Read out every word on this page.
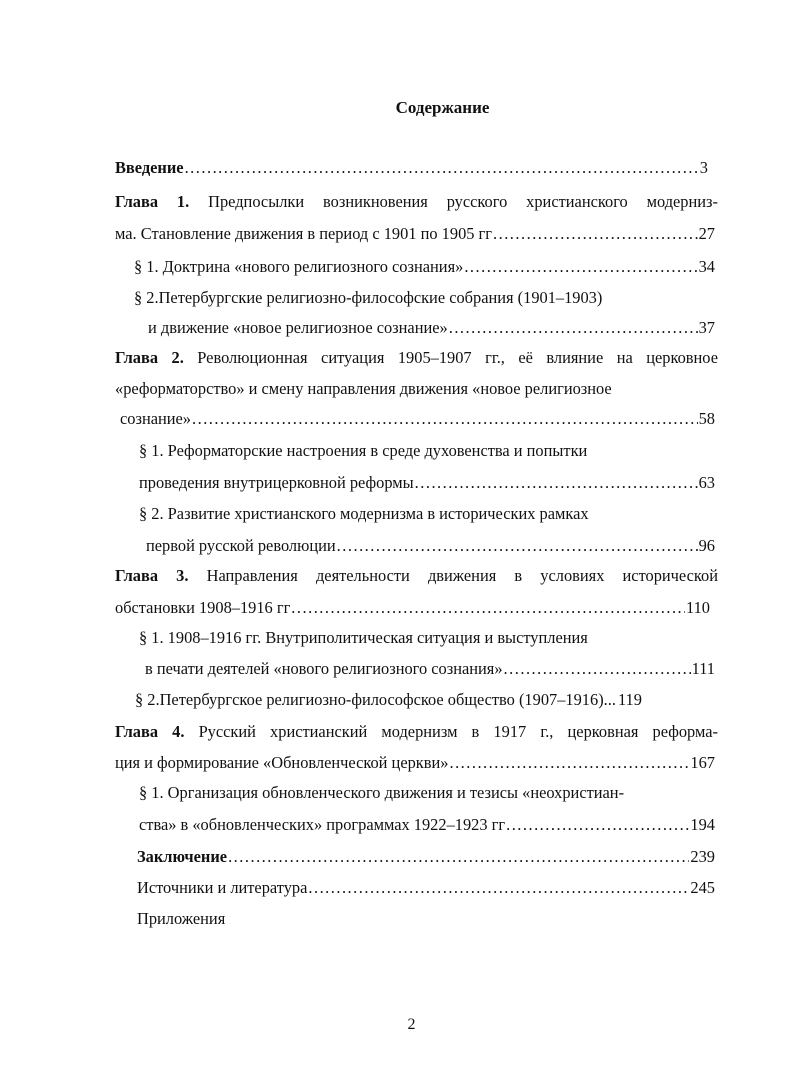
Содержание
Введение .....	3
Глава 1. Предпосылки возникновения русского христианского модерниз-
ма. Становление движения в период с 1901 по 1905 гг .....	27
§ 1. Доктрина «нового религиозного сознания» .....	34
§ 2.Петербургские религиозно-философские собрания (1901–1903)
и движение «новое религиозное сознание» .....	37
Глава 2. Революционная ситуация 1905–1907 гг., её влияние на церковное
«реформаторство» и смену направления движения «новое религиозное
сознание» .....	58
§ 1. Реформаторские настроения в среде духовенства и попытки
проведения внутрицерковной реформы .....	63
§ 2. Развитие христианского модернизма в исторических рамках
первой русской революции .....	96
Глава 3. Направления деятельности движения в условиях исторической
обстановки 1908–1916 гг .....	110
§ 1. 1908–1916 гг. Внутриполитическая ситуация и выступления
в печати деятелей «нового религиозного сознания» .....	111
§ 2.Петербургское религиозно-философское общество (1907–1916)... 119
Глава 4. Русский христианский модернизм в 1917 г., церковная реформа-
ция и формирование «Обновленческой церкви» .....	167
§ 1. Организация обновленческого движения и тезисы «неохристиан-
ства» в «обновленческих» программах 1922–1923 гг .....	194
Заключение .....	239
Источники и литература .....	245
Приложения
2
